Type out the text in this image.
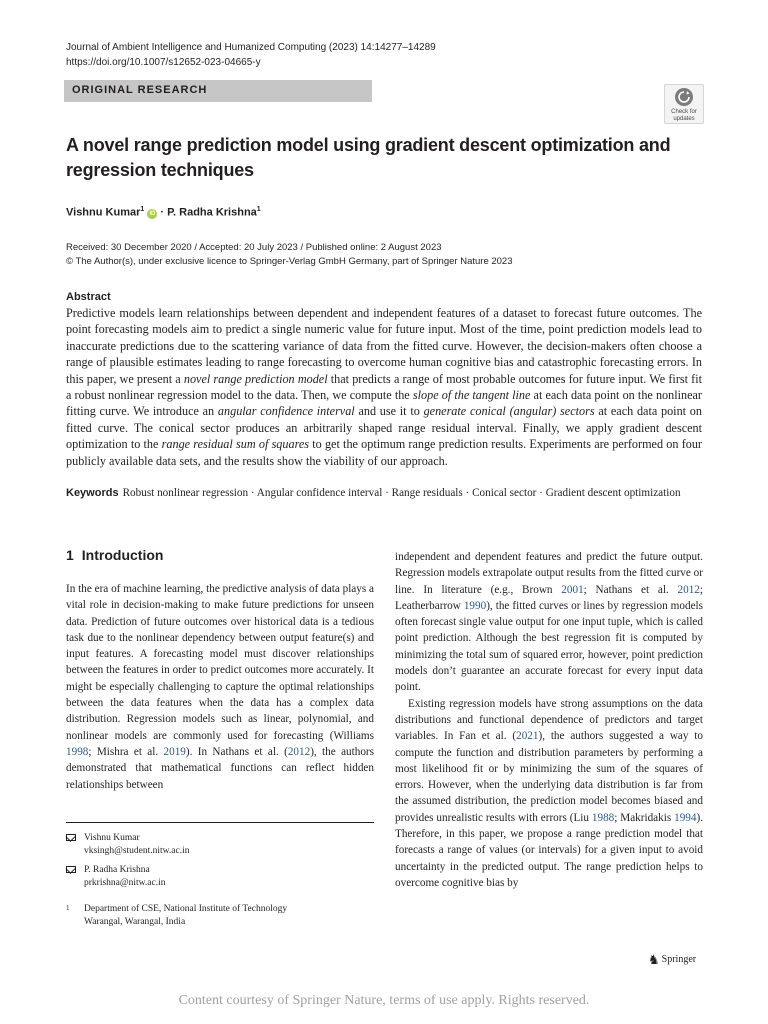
Journal of Ambient Intelligence and Humanized Computing (2023) 14:14277–14289
https://doi.org/10.1007/s12652-023-04665-y
ORIGINAL RESEARCH
Check for
updates
A novel range prediction model using gradient descent optimization and regression techniques
Vishnu Kumar$^1$ iD · P. Radha Krishna$^1$
Received: 30 December 2020 / Accepted: 20 July 2023 / Published online: 2 August 2023
© The Author(s), under exclusive licence to Springer-Verlag GmbH Germany, part of Springer Nature 2023
Abstract
Predictive models learn relationships between dependent and independent features of a dataset to forecast future outcomes. The point forecasting models aim to predict a single numeric value for future input. Most of the time, point prediction models lead to inaccurate predictions due to the scattering variance of data from the fitted curve. However, the decision-makers often choose a range of plausible estimates leading to range forecasting to overcome human cognitive bias and catastrophic forecasting errors. In this paper, we present a novel range prediction model that predicts a range of most probable outcomes for future input. We first fit a robust nonlinear regression model to the data. Then, we compute the slope of the tangent line at each data point on the nonlinear fitting curve. We introduce an angular confidence interval and use it to generate conical (angular) sectors at each data point on fitted curve. The conical sector produces an arbitrarily shaped range residual interval. Finally, we apply gradient descent optimization to the range residual sum of squares to get the optimum range prediction results. Experiments are performed on four publicly available data sets, and the results show the viability of our approach.
Keywords Robust nonlinear regression · Angular confidence interval · Range residuals · Conical sector · Gradient descent optimization
1 Introduction
In the era of machine learning, the predictive analysis of data plays a vital role in decision-making to make future predictions for unseen data. Prediction of future outcomes over historical data is a tedious task due to the nonlinear dependency between output feature(s) and input features. A forecasting model must discover relationships between the features in order to predict outcomes more accurately. It might be especially challenging to capture the optimal relationships between the data features when the data has a complex data distribution. Regression models such as linear, polynomial, and nonlinear models are commonly used for forecasting (Williams 1998; Mishra et al. 2019). In Nathans et al. (2012), the authors demonstrated that mathematical functions can reflect hidden relationships between
independent and dependent features and predict the future output. Regression models extrapolate output results from the fitted curve or line. In literature (e.g., Brown 2001; Nathans et al. 2012; Leatherbarrow 1990), the fitted curves or lines by regression models often forecast single value output for one input tuple, which is called point prediction. Although the best regression fit is computed by minimizing the total sum of squared error, however, point prediction models don’t guarantee an accurate forecast for every input data point.
Existing regression models have strong assumptions on the data distributions and functional dependence of predictors and target variables. In Fan et al. (2021), the authors suggested a way to compute the function and distribution parameters by performing a most likelihood fit or by minimizing the sum of the squares of errors. However, when the underlying data distribution is far from the assumed distribution, the prediction model becomes biased and provides unrealistic results with errors (Liu 1988; Makridakis 1994). Therefore, in this paper, we propose a range prediction model that forecasts a range of values (or intervals) for a given input to avoid uncertainty in the predicted output. The range prediction helps to overcome cognitive bias by
Vishnu Kumar
vksingh@student.nitw.ac.in
P. Radha Krishna
prkrishna@nitw.ac.in
1 Department of CSE, National Institute of Technology
Warangal, Warangal, India
♞ Springer
Content courtesy of Springer Nature, terms of use apply. Rights reserved.
